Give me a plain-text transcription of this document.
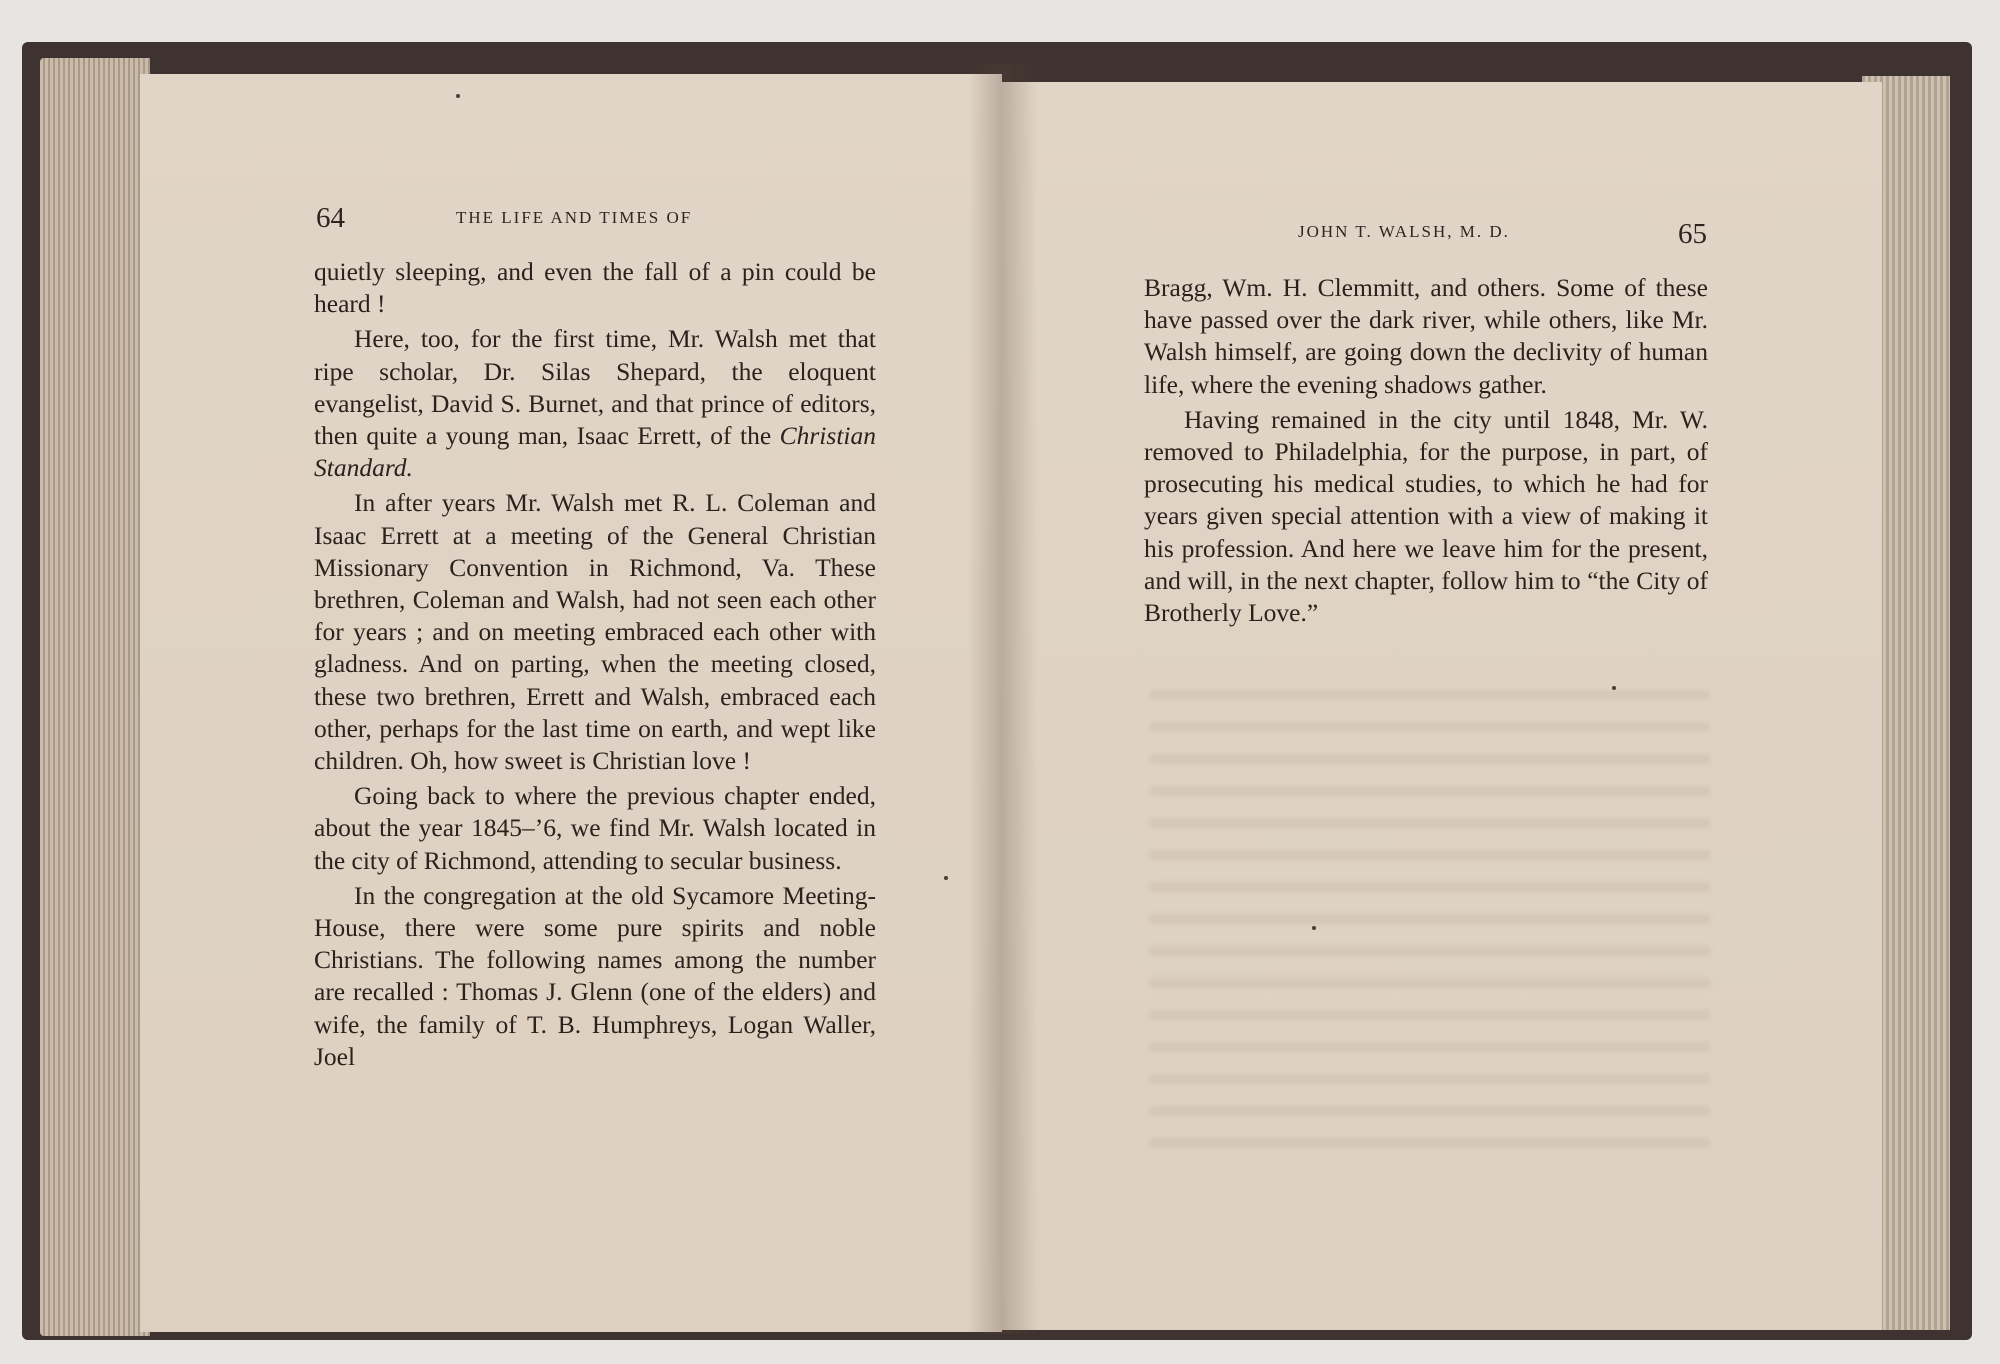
64	THE LIFE AND TIMES OF

quietly sleeping, and even the fall of a pin could be heard !

Here, too, for the first time, Mr. Walsh met that ripe scholar, Dr. Silas Shepard, the eloquent evangelist, David S. Burnet, and that prince of editors, then quite a young man, Isaac Errett, of the Christian Standard.

In after years Mr. Walsh met R. L. Coleman and Isaac Errett at a meeting of the General Christian Missionary Convention in Richmond, Va. These brethren, Coleman and Walsh, had not seen each other for years ; and on meeting embraced each other with gladness. And on parting, when the meeting closed, these two brethren, Errett and Walsh, embraced each other, perhaps for the last time on earth, and wept like children. Oh, how sweet is Christian love !

Going back to where the previous chapter ended, about the year 1845–’6, we find Mr. Walsh located in the city of Richmond, attending to secular business.

In the congregation at the old Sycamore Meeting-House, there were some pure spirits and noble Christians. The following names among the number are recalled : Thomas J. Glenn (one of the elders) and wife, the family of T. B. Humphreys, Logan Waller, Joel

JOHN T. WALSH, M. D.	65

Bragg, Wm. H. Clemmitt, and others. Some of these have passed over the dark river, while others, like Mr. Walsh himself, are going down the declivity of human life, where the evening shadows gather.

Having remained in the city until 1848, Mr. W. removed to Philadelphia, for the purpose, in part, of prosecuting his medical studies, to which he had for years given special attention with a view of making it his profession. And here we leave him for the present, and will, in the next chapter, follow him to “the City of Brotherly Love.”
